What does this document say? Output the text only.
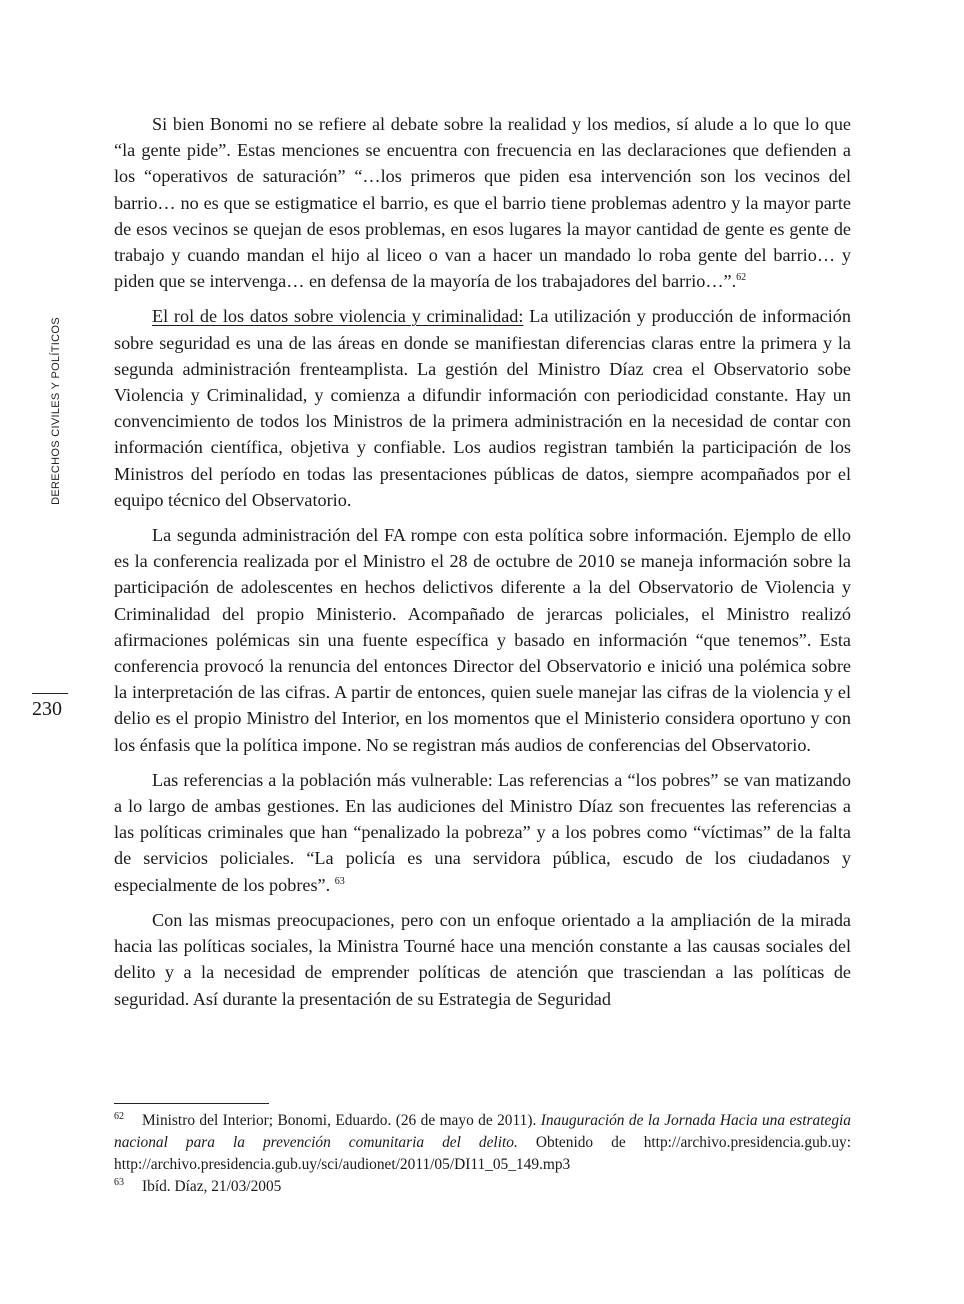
DERECHOS CIVILES Y POLÍTICOS
230

Si bien Bonomi no se refiere al debate sobre la realidad y los medios, sí alude a lo que lo que “la gente pide”. Estas menciones se encuentra con frecuencia en las declaraciones que defienden a los “operativos de saturación” “…los primeros que piden esa intervención son los vecinos del barrio… no es que se estigmatice el barrio, es que el barrio tiene problemas adentro y la mayor parte de esos vecinos se quejan de esos problemas, en esos lugares la mayor cantidad de gente es gente de trabajo y cuando mandan el hijo al liceo o van a hacer un mandado lo roba gente del barrio… y piden que se intervenga… en defensa de la mayoría de los trabajadores del barrio…”.$^{62}$

El rol de los datos sobre violencia y criminalidad: La utilización y producción de información sobre seguridad es una de las áreas en donde se manifiestan diferencias claras entre la primera y la segunda administración frenteamplista. La gestión del Ministro Díaz crea el Observatorio sobe Violencia y Criminalidad, y comienza a difundir información con periodicidad constante. Hay un convencimiento de todos los Ministros de la primera administración en la necesidad de contar con información científica, objetiva y confiable. Los audios registran también la participación de los Ministros del período en todas las presentaciones públicas de datos, siempre acompañados por el equipo técnico del Observatorio.

La segunda administración del FA rompe con esta política sobre información. Ejemplo de ello es la conferencia realizada por el Ministro el 28 de octubre de 2010 se maneja información sobre la participación de adolescentes en hechos delictivos diferente a la del Observatorio de Violencia y Criminalidad del propio Ministerio. Acompañado de jerarcas policiales, el Ministro realizó afirmaciones polémicas sin una fuente específica y basado en información “que tenemos”. Esta conferencia provocó la renuncia del entonces Director del Observatorio e inició una polémica sobre la interpretación de las cifras. A partir de entonces, quien suele manejar las cifras de la violencia y el delio es el propio Ministro del Interior, en los momentos que el Ministerio considera oportuno y con los énfasis que la política impone. No se registran más audios de conferencias del Observatorio.

Las referencias a la población más vulnerable: Las referencias a “los pobres” se van matizando a lo largo de ambas gestiones. En las audiciones del Ministro Díaz son frecuentes las referencias a las políticas criminales que han “penalizado la pobreza” y a los pobres como “víctimas” de la falta de servicios policiales. “La policía es una servidora pública, escudo de los ciudadanos y especialmente de los pobres”. $^{63}$

Con las mismas preocupaciones, pero con un enfoque orientado a la ampliación de la mirada hacia las políticas sociales, la Ministra Tourné hace una mención constante a las causas sociales del delito y a la necesidad de emprender políticas de atención que trasciendan a las políticas de seguridad. Así durante la presentación de su Estrategia de Seguridad

62 Ministro del Interior; Bonomi, Eduardo. (26 de mayo de 2011). Inauguración de la Jornada Hacia una estrategia nacional para la prevención comunitaria del delito. Obtenido de http://archivo.presidencia.gub.uy: http://archivo.presidencia.gub.uy/sci/audionet/2011/05/DI11_05_149.mp3

63 Ibíd. Díaz, 21/03/2005
